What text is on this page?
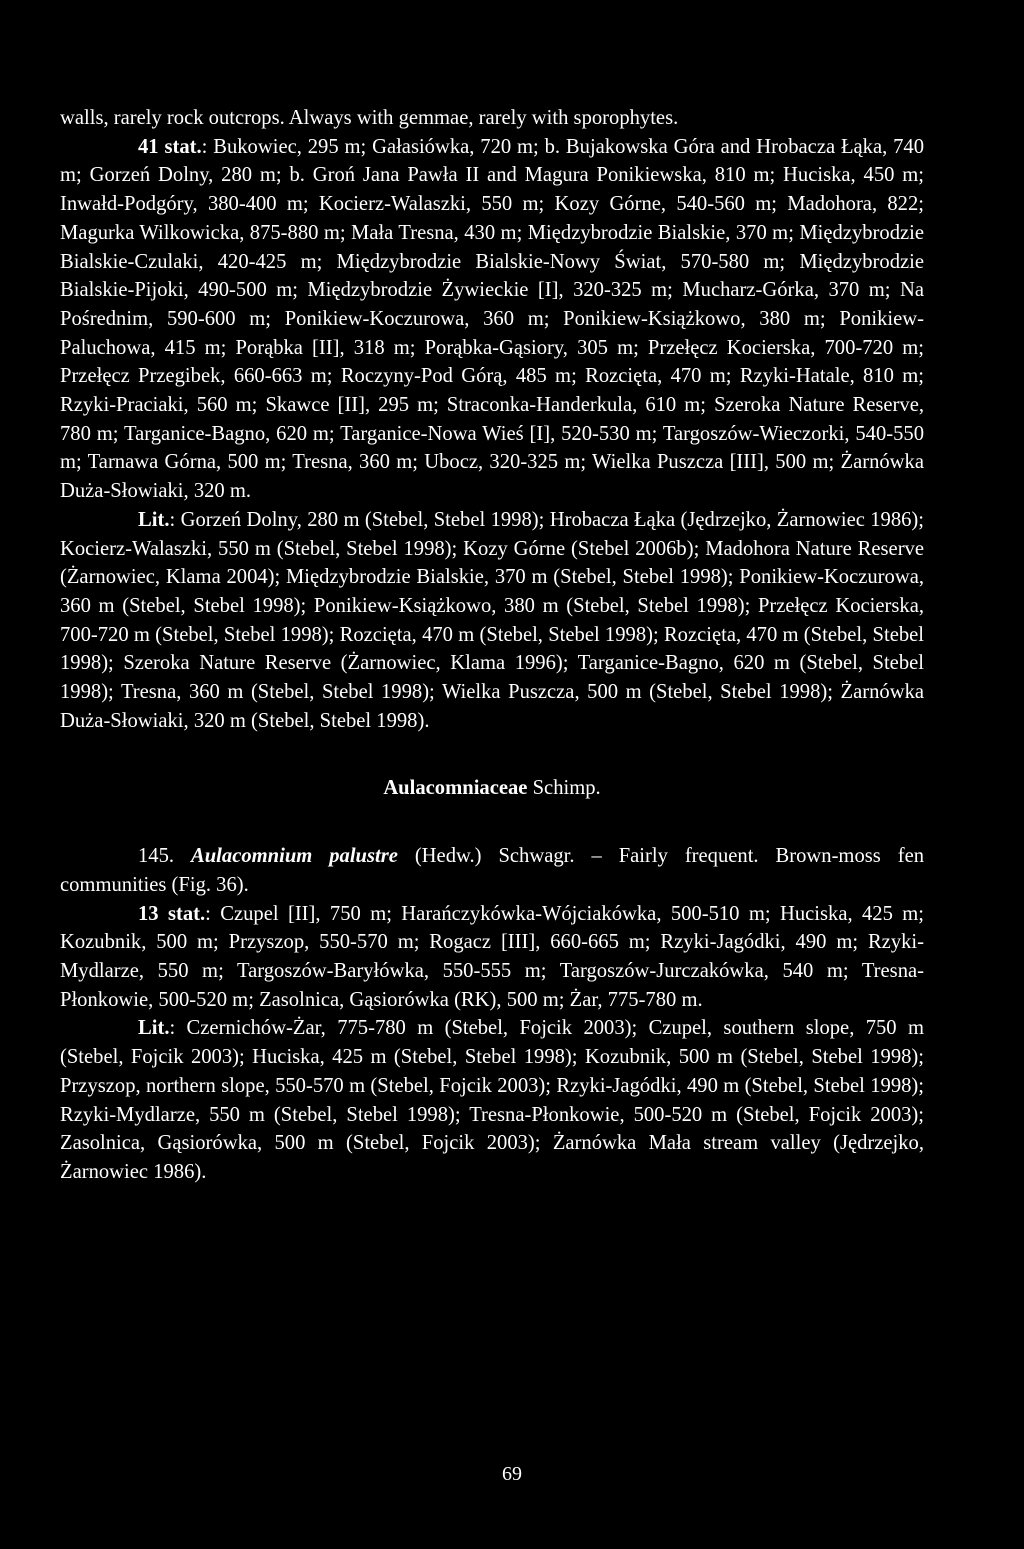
walls, rarely rock outcrops. Always with gemmae, rarely with sporophytes.

41 stat.: Bukowiec, 295 m; Gałasiówka, 720 m; b. Bujakowska Góra and Hrobacza Łąka, 740 m; Gorzeń Dolny, 280 m; b. Groń Jana Pawła II and Magura Ponikiewska, 810 m; Huciska, 450 m; Inwałd-Podgóry, 380-400 m; Kocierz-Walaszki, 550 m; Kozy Górne, 540-560 m; Madohora, 822; Magurka Wilkowicka, 875-880 m; Mała Tresna, 430 m; Międzybrodzie Bialskie, 370 m; Międzybrodzie Bialskie-Czulaki, 420-425 m; Międzybrodzie Bialskie-Nowy Świat, 570-580 m; Międzybrodzie Bialskie-Pijoki, 490-500 m; Międzybrodzie Żywieckie [I], 320-325 m; Mucharz-Górka, 370 m; Na Pośrednim, 590-600 m; Ponikiew-Koczurowa, 360 m; Ponikiew-Książkowo, 380 m; Ponikiew-Paluchowa, 415 m; Porąbka [II], 318 m; Porąbka-Gąsiory, 305 m; Przełęcz Kocierska, 700-720 m; Przełęcz Przegibek, 660-663 m; Roczyny-Pod Górą, 485 m; Rozcięta, 470 m; Rzyki-Hatale, 810 m; Rzyki-Praciaki, 560 m; Skawce [II], 295 m; Straconka-Handerkula, 610 m; Szeroka Nature Reserve, 780 m; Targanice-Bagno, 620 m; Targanice-Nowa Wieś [I], 520-530 m; Targoszów-Wieczorki, 540-550 m; Tarnawa Górna, 500 m; Tresna, 360 m; Ubocz, 320-325 m; Wielka Puszcza [III], 500 m; Żarnówka Duża-Słowiaki, 320 m.

Lit.: Gorzeń Dolny, 280 m (Stebel, Stebel 1998); Hrobacza Łąka (Jędrzejko, Żarnowiec 1986); Kocierz-Walaszki, 550 m (Stebel, Stebel 1998); Kozy Górne (Stebel 2006b); Madohora Nature Reserve (Żarnowiec, Klama 2004); Międzybrodzie Bialskie, 370 m (Stebel, Stebel 1998); Ponikiew-Koczurowa, 360 m (Stebel, Stebel 1998); Ponikiew-Książkowo, 380 m (Stebel, Stebel 1998); Przełęcz Kocierska, 700-720 m (Stebel, Stebel 1998); Rozcięta, 470 m (Stebel, Stebel 1998); Rozcięta, 470 m (Stebel, Stebel 1998); Szeroka Nature Reserve (Żarnowiec, Klama 1996); Targanice-Bagno, 620 m (Stebel, Stebel 1998); Tresna, 360 m (Stebel, Stebel 1998); Wielka Puszcza, 500 m (Stebel, Stebel 1998); Żarnówka Duża-Słowiaki, 320 m (Stebel, Stebel 1998).

Aulacomniaceae Schimp.

145. Aulacomnium palustre (Hedw.) Schwagr. – Fairly frequent. Brown-moss fen communities (Fig. 36).

13 stat.: Czupel [II], 750 m; Harańczykówka-Wójciakówka, 500-510 m; Huciska, 425 m; Kozubnik, 500 m; Przyszop, 550-570 m; Rogacz [III], 660-665 m; Rzyki-Jagódki, 490 m; Rzyki-Mydlarze, 550 m; Targoszów-Baryłówka, 550-555 m; Targoszów-Jurczakówka, 540 m; Tresna-Płonkowie, 500-520 m; Zasolnica, Gąsiorówka (RK), 500 m; Żar, 775-780 m.

Lit.: Czernichów-Żar, 775-780 m (Stebel, Fojcik 2003); Czupel, southern slope, 750 m (Stebel, Fojcik 2003); Huciska, 425 m (Stebel, Stebel 1998); Kozubnik, 500 m (Stebel, Stebel 1998); Przyszop, northern slope, 550-570 m (Stebel, Fojcik 2003); Rzyki-Jagódki, 490 m (Stebel, Stebel 1998); Rzyki-Mydlarze, 550 m (Stebel, Stebel 1998); Tresna-Płonkowie, 500-520 m (Stebel, Fojcik 2003); Zasolnica, Gąsiorówka, 500 m (Stebel, Fojcik 2003); Żarnówka Mała stream valley (Jędrzejko, Żarnowiec 1986).

69
